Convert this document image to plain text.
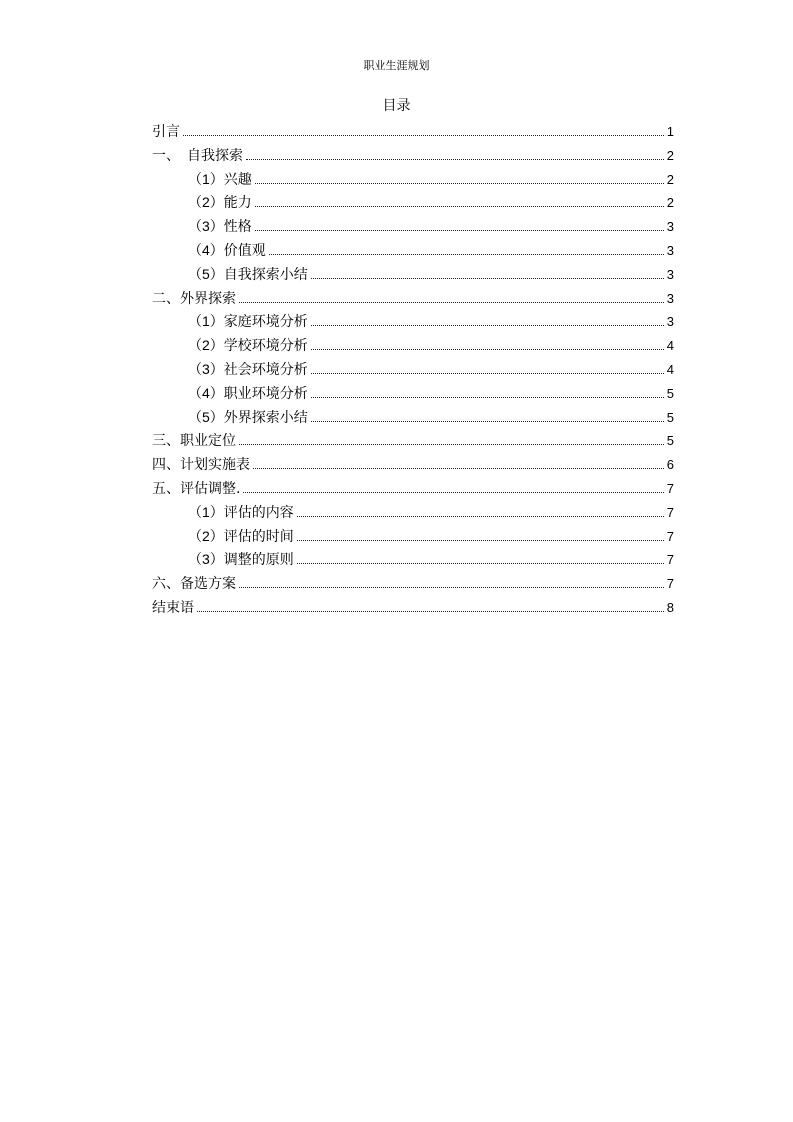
职业生涯规划
目录
引言	1
一、　自我探索	2
（1）兴趣	2
（2）能力	2
（3）性格	3
（4）价值观	3
（5）自我探索小结	3
二、外界探索	3
（1）家庭环境分析	3
（2）学校环境分析	4
（3）社会环境分析	4
（4）职业环境分析	5
（5）外界探索小结	5
三、职业定位	5
四、计划实施表	6
五、评估调整.	7
（1）评估的内容	7
（2）评估的时间	7
（3）调整的原则	7
六、备选方案	7
结束语	8
